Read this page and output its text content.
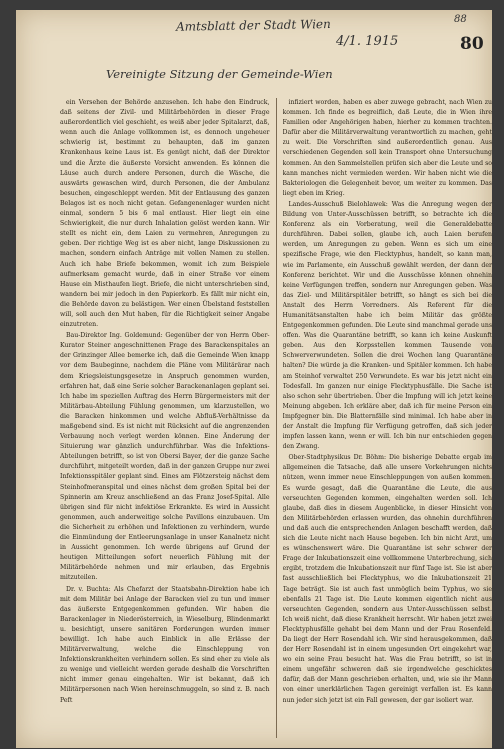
88
Amtsblatt der Stadt Wien
4/1. 1915	80
Vereinigte Sitzung der Gemeinde-Wien

ein Versehen der Behörde anzusehen. Ich habe den Eindruck, daß seitens der Zivil- und Militärbehörden in dieser Frage außerordentlich viel geschieht, es weiß aber jeder Spitalarzt, daß, wenn auch die Anlage vollkommen ist, es dennoch ungeheuer schwierig ist, bestimmt zu behaupten, daß im ganzen Krankenhaus keine Laus ist. Es genügt nicht, daß der Direktor und die Ärzte die äußerste Vorsicht anwenden. Es können die Läuse auch durch andere Personen, durch die Wäsche, die auswärts gewaschen wird, durch Personen, die der Ambulanz besuchen, eingeschleppt werden. Mit der Entlausung des ganzen Belagos ist es noch nicht getan. Gefangenenlager wurden nicht einmal, sondern 5 bis 6 mal entlaust. Hier liegt ein eine Schwierigkeit, die nur durch Inhalation gelöst werden kann. Wir stellt es nicht ein, dem Laien zu vermehren, Anregungen zu geben. Der richtige Weg ist es aber nicht, lange Diskussionen zu machen, sondern einfach Anträge mit vollen Namen zu stellen. Auch ich habe Briefe bekommen, womit ich zum Beispiele aufmerksam gemacht wurde, daß in einer Straße vor einem Hause ein Misthaufen liegt. Briefe, die nicht unterschrieben sind, wandern bei mir jedoch in den Papierkorb. Es fällt mir nicht ein, die Behörde davon zu belästigen. Wer einen Übelstand feststellen will, soll auch den Mut haben, für die Richtigkeit seiner Angabe einzutreten.

Bau-Direktor Ing. Goldemund: Gegenüber der von Herrn Ober-Kurator Steiner angeschnittenen Frage des Barackenspitales an der Grinzinger Allee bemerke ich, daß die Gemeinde Wien knapp vor dem Baubeginne, nachdem die Pläne vom Militärärar nach dem Kriegsleistungsgesetze in Anspruch genommen wurden, erfahren hat, daß eine Serie solcher Barackenanlagen geplant sei. Ich habe im speziellen Auftrag des Herrn Bürgermeisters mit der Militärbau-Abteilung Fühlung genommen, um klarzustellen, wo die Baracken hinkommen und welche Abfluß-Verhältnisse da maßgebend sind. Es ist nicht mit Rücksicht auf die angrenzenden Verbauung noch verlegt werden können. Eine Änderung der Situierung war gänzlich undurchführbar. Was die Infektions-Abteilungen betrifft, so ist von Obersi Bayer, der die ganze Sache durchführt, mitgeteilt worden, daß in der ganzen Gruppe nur zwei Infektionsspitäler geplant sind. Eines am Flötzersteig nächst dem Steinhofmeranspital und eines nächst dem großen Spital bei der Spinnerin am Kreuz anschließend an das Franz Josef-Spital. Alle übrigen sind für nicht infektiöse Erkrankte. Es wird in Aussicht genommen, auch anderweitige solche Pavillons einzubauen. Um die Sicherheit zu erhöhen und Infektionen zu verhindern, wurde die Einmündung der Entleerungsanlage in unser Kanalnetz nicht in Aussicht genommen. Ich werde übrigens auf Grund der heutigen Mitteilungen sofort neuerlich Fühlung mit der Militärbehörde nehmen und mir erlauben, das Ergebnis mitzuteilen.

Dr. v. Buchta: Als Chefarzt der Staatsbahn-Direktion habe ich mit dem Militär bei Anlage der Baracken viel zu tun und immer das äußerste Entgegenkommen gefunden. Wir haben die Barackenlager in Niederösterreich, in Wieselburg, Blindenmarkt u. besichtigt, unsere sanitären Forderungen wurden immer bewilligt. Ich habe auch Einblick in alle Erlässe der Militärverwaltung, welche die Einschleppung von Infektionskrankheiten verhindern sollen. Es sind eher zu viele als zu wenige und vielleicht werden gerade deshalb die Vorschriften nicht immer genau eingehalten. Wir ist bekannt, daß ich Militärpersonen nach Wien hereinschmuggeln, so sind z. B. nach Peft

infiziert worden, haben es aber zuwege gebracht, nach Wien zu kommen. Ich finde es begreiflich, daß Leute, die in Wien ihre Familien oder Angehörigen haben, hierher zu kommen trachten. Dafür aber die Militärverwaltung verantwortlich zu machen, geht zu weit. Die Vorschriften sind außerordentlich genau. Aus verschiedenen Gegenden soll kein Transport ohne Untersuchung kommen. An den Sammelstellen prüfen sich aber die Leute und so kann manches nicht vermieden werden. Wir haben nicht wie die Bakteriologen die Gelegenheit bevor, um weiter zu kommen. Das liegt eben im Krieg.

Landes-Ausschuß Bielohlawek: Was die Anregung wegen der Bildung von Unter-Ausschüssen betrifft, so betrachte ich die Konferenz als ein Vorberatung, weil die Generaldebatte durchführen. Dabei sollen, glaube ich, auch Laien berufen werden, um Anregungen zu geben. Wenn es sich um eine spezifische Frage, wie den Flecktyphus, handelt, so kann man, wie im Parlamente, ein Ausschuß gewählt werden, der dann der Konferenz berichtet. Wir und die Ausschüsse können ohnehin keine Verfügungen treffen, sondern nur Anregungen geben. Was das Ziel- und Militärspitäler betrifft, so hängt es sich bei die Anstalt des Herrn Vorredners. Als Referent für die Humanitätsanstalten habe ich beim Militär das größte Entgegenkommen gefunden. Die Leute sind manchmal gerade uns offen. Was die Quarantäne betrifft, so kann ich keine Auskunft geben. Aus den Korpsstellen kommen Tausende von Schwerverwundeten. Sollen die drei Wochen lang Quarantäne halten? Die würde ja die Kranken- und Spitäler kommen. Ich habe am Steinhof verwaltet 250 Verwundete. Es war bis jetzt nicht ein Todesfall. Im ganzen nur einige Flecktyphusfälle. Die Sache ist also schon sehr übertrieben. Über die Impfung will ich jetzt keine Meinung abgeben. Ich erkläre aber, daß ich für meine Person ein Impfgegner bin. Die Blatternfälle sind minimal. Ich habe aber in der Anstalt die Impfung für Verfügung getroffen, daß sich jeder impfen lassen kann, wenn er will. Ich bin nur entschieden gegen den Zwang.

Ober-Stadtphysikus Dr. Böhm: Die bisherige Debatte ergab im allgemeinen die Tatsache, daß alle unsere Vorkehrungen nichts nützen, wenn immer neue Einschleppungen von außen kommen. Es wurde gesagt, daß die Quarantäne die Leute, die aus verseuchten Gegenden kommen, eingehalten werden soll. Ich glaube, daß dies in diesem Augenblicke, in dieser Hinsicht von den Militärbehörden erlassen wurden, das ohnehin durchführen und daß auch die entsprechenden Anlagen beschafft werden, daß sich die Leute nicht nach Hause begeben. Ich bin nicht Arzt, um es wünschenswert wäre. Die Quarantäne ist sehr schwer der Frage der Inkubationszeit eine vollkommene Unterbrechung, sich ergibt, trotzdem die Inkubationszeit nur fünf Tage ist. Sie ist aber fast ausschließlich bei Flecktyphus, wo die Inkubationszeit 21 Tage beträgt. Sie ist auch fast unmöglich beim Typhus, wo sie ebenfalls 21 Tage ist. Die Leute kommen eigentlich nicht aus verseuchten Gegenden, sondern aus Unter-Ausschüssen selbst. Ich weiß nicht, daß diese Krankheit herrscht. Wir haben jetzt zwei Flecktyphusfälle gehabt bei dem Mann und der Frau Rosenfeld. Da liegt der Herr Rosendahl ich. Wir sind herausgekommen, daß der Herr Rosendahl ist in einem ungesunden Ort eingekehrt war, wo ein seine Frau besucht hat. Was die Frau betrifft, so ist in einem ungefähr schweren daß sie irgendwelche geschicktes dafür, daß der Mann geschrieben erhalten, und, wie sie ihr Mann von einer unerklärlichen Tagen gereinigt verfallen ist. Es kann nun jeder sich jetzt ist ein Fall gewesen, der gar isoliert war.
